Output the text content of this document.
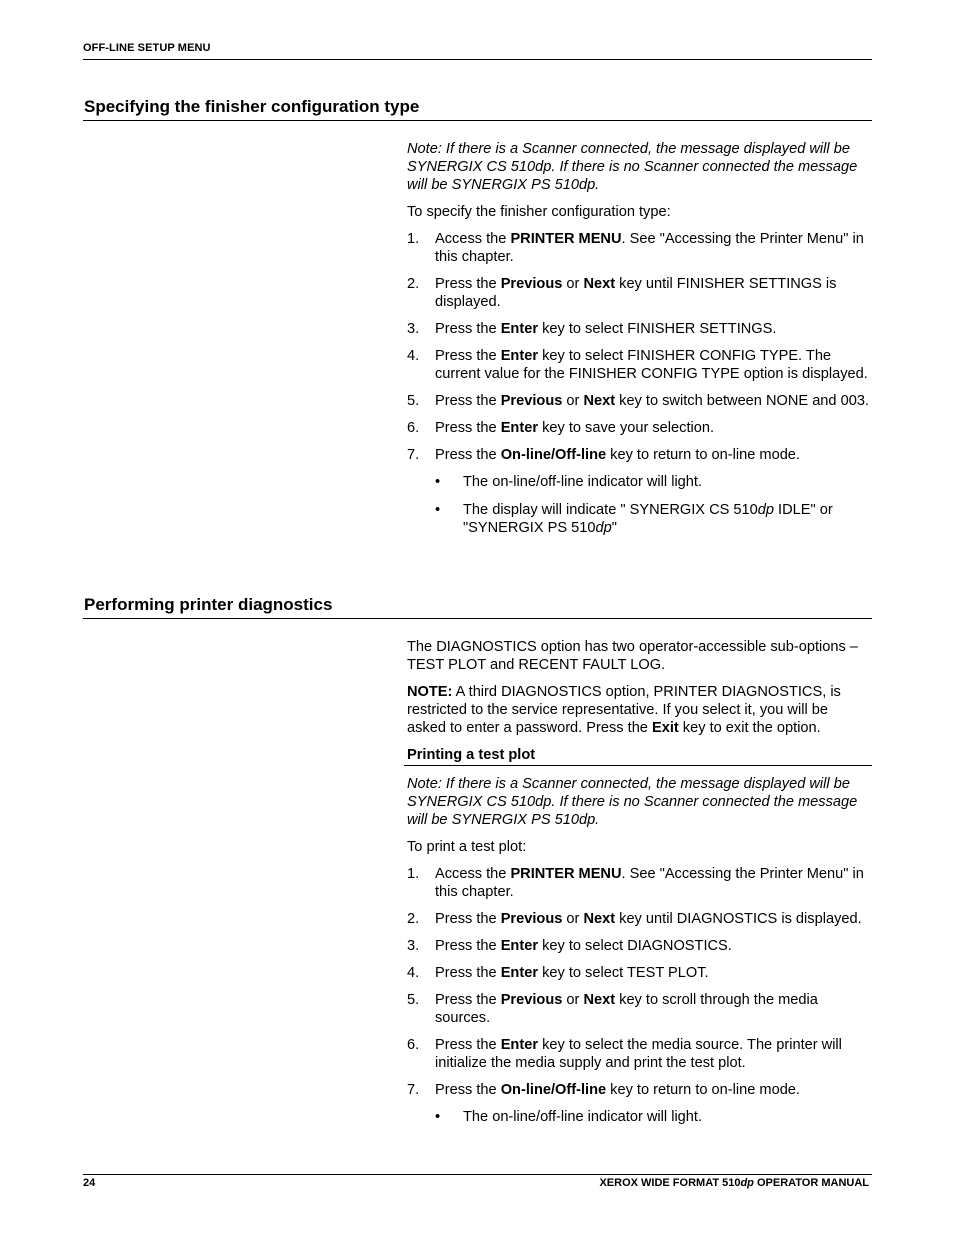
OFF-LINE SETUP MENU
Specifying the finisher configuration type

Note: If there is a Scanner connected, the message displayed will be SYNERGIX CS 510dp. If there is no Scanner connected the message will be SYNERGIX PS 510dp.

To specify the finisher configuration type:

1. Access the PRINTER MENU. See "Accessing the Printer Menu" in this chapter.
2. Press the Previous or Next key until FINISHER SETTINGS is displayed.
3. Press the Enter key to select FINISHER SETTINGS.
4. Press the Enter key to select FINISHER CONFIG TYPE. The current value for the FINISHER CONFIG TYPE option is displayed.
5. Press the Previous or Next key to switch between NONE and 003.
6. Press the Enter key to save your selection.
7. Press the On-line/Off-line key to return to on-line mode.
• The on-line/off-line indicator will light.
• The display will indicate " SYNERGIX CS 510dp IDLE" or "SYNERGIX PS 510dp"
Performing printer diagnostics

The DIAGNOSTICS option has two operator-accessible sub-options – TEST PLOT and RECENT FAULT LOG.

NOTE: A third DIAGNOSTICS option, PRINTER DIAGNOSTICS, is restricted to the service representative. If you select it, you will be asked to enter a password. Press the Exit key to exit the option.

Printing a test plot

Note: If there is a Scanner connected, the message displayed will be SYNERGIX CS 510dp. If there is no Scanner connected the message will be SYNERGIX PS 510dp.

To print a test plot:

1. Access the PRINTER MENU. See "Accessing the Printer Menu" in this chapter.
2. Press the Previous or Next key until DIAGNOSTICS is displayed.
3. Press the Enter key to select DIAGNOSTICS.
4. Press the Enter key to select TEST PLOT.
5. Press the Previous or Next key to scroll through the media sources.
6. Press the Enter key to select the media source. The printer will initialize the media supply and print the test plot.
7. Press the On-line/Off-line key to return to on-line mode.
• The on-line/off-line indicator will light.
24	XEROX WIDE FORMAT 510dp OPERATOR MANUAL
